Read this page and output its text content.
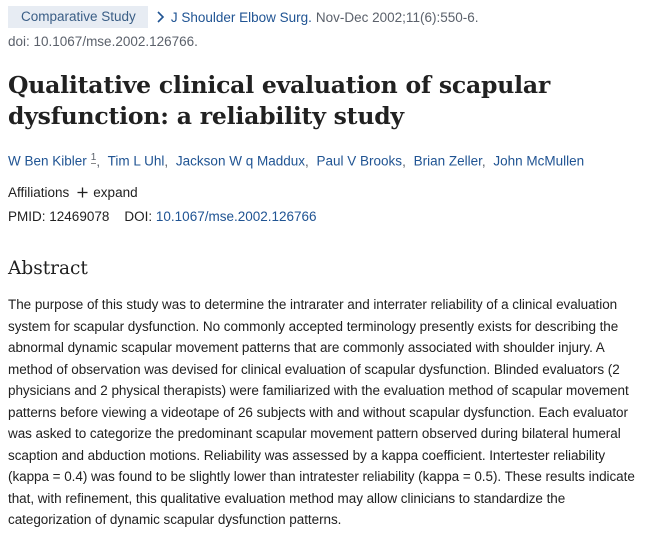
Comparative Study	J Shoulder Elbow Surg. Nov-Dec 2002;11(6):550-6.
doi: 10.1067/mse.2002.126766.
Qualitative clinical evaluation of scapular dysfunction: a reliability study
W Ben Kibler $^1$, Tim L Uhl, Jackson W q Maddux, Paul V Brooks, Brian Zeller, John McMullen
Affiliations expand
PMID: 12469078 DOI: 10.1067/mse.2002.126766
Abstract

The purpose of this study was to determine the intrarater and interrater reliability of a clinical evaluation system for scapular dysfunction. No commonly accepted terminology presently exists for describing the abnormal dynamic scapular movement patterns that are commonly associated with shoulder injury. A method of observation was devised for clinical evaluation of scapular dysfunction. Blinded evaluators (2 physicians and 2 physical therapists) were familiarized with the evaluation method of scapular movement patterns before viewing a videotape of 26 subjects with and without scapular dysfunction. Each evaluator was asked to categorize the predominant scapular movement pattern observed during bilateral humeral scaption and abduction motions. Reliability was assessed by a kappa coefficient. Intertester reliability (kappa = 0.4) was found to be slightly lower than intratester reliability (kappa = 0.5). These results indicate that, with refinement, this qualitative evaluation method may allow clinicians to standardize the categorization of dynamic scapular dysfunction patterns.
